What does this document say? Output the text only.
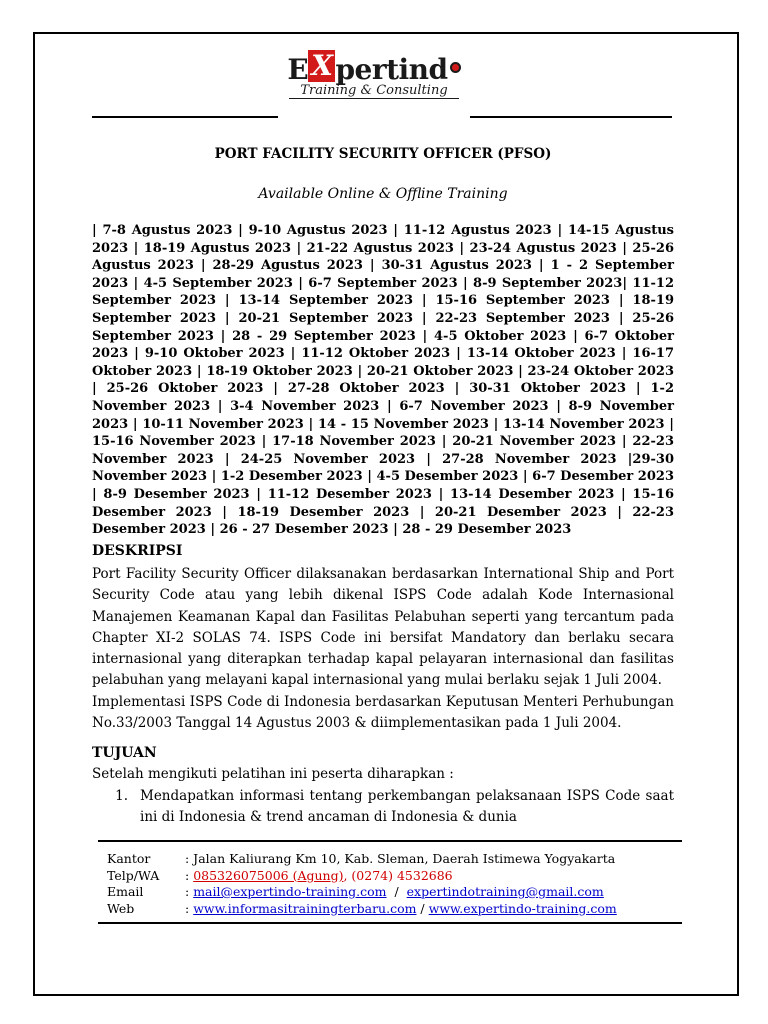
E X pertind
Training & Consulting
PORT FACILITY SECURITY OFFICER (PFSO)
Available Online & Offline Training
| 7-8 Agustus 2023 | 9-10 Agustus 2023 | 11-12 Agustus 2023 | 14-15 Agustus 2023 | 18-19 Agustus 2023 | 21-22 Agustus 2023 | 23-24 Agustus 2023 | 25-26 Agustus 2023 | 28-29 Agustus 2023 | 30-31 Agustus 2023 | 1 - 2 September 2023 | 4-5 September 2023 | 6-7 September 2023 | 8-9 September 2023| 11-12 September 2023 | 13-14 September 2023 | 15-16 September 2023 | 18-19 September 2023 | 20-21 September 2023 | 22-23 September 2023 | 25-26 September 2023 | 28 - 29 September 2023 | 4-5 Oktober 2023 | 6-7 Oktober 2023 | 9-10 Oktober 2023 | 11-12 Oktober 2023 | 13-14 Oktober 2023 | 16-17 Oktober 2023 | 18-19 Oktober 2023 | 20-21 Oktober 2023 | 23-24 Oktober 2023 | 25-26 Oktober 2023 | 27-28 Oktober 2023 | 30-31 Oktober 2023 | 1-2 November 2023 | 3-4 November 2023 | 6-7 November 2023 | 8-9 November 2023 | 10-11 November 2023 | 14 - 15 November 2023 | 13-14 November 2023 | 15-16 November 2023 | 17-18 November 2023 | 20-21 November 2023 | 22-23 November 2023 | 24-25 November 2023 | 27-28 November 2023 |29-30 November 2023 | 1-2 Desember 2023 | 4-5 Desember 2023 | 6-7 Desember 2023 | 8-9 Desember 2023 | 11-12 Desember 2023 | 13-14 Desember 2023 | 15-16 Desember 2023 | 18-19 Desember 2023 | 20-21 Desember 2023 | 22-23 Desember 2023 | 26 - 27 Desember 2023 | 28 - 29 Desember 2023
DESKRIPSI

Port Facility Security Officer dilaksanakan berdasarkan International Ship and Port Security Code atau yang lebih dikenal ISPS Code adalah Kode Internasional Manajemen Keamanan Kapal dan Fasilitas Pelabuhan seperti yang tercantum pada Chapter XI-2 SOLAS 74. ISPS Code ini bersifat Mandatory dan berlaku secara internasional yang diterapkan terhadap kapal pelayaran internasional dan fasilitas pelabuhan yang melayani kapal internasional yang mulai berlaku sejak 1 Juli 2004.

Implementasi ISPS Code di Indonesia berdasarkan Keputusan Menteri Perhubungan No.33/2003 Tanggal 14 Agustus 2003 & diimplementasikan pada 1 Juli 2004.

TUJUAN
Setelah mengikuti pelatihan ini peserta diharapkan :
1. Mendapatkan informasi tentang perkembangan pelaksanaan ISPS Code saat ini di Indonesia & trend ancaman di Indonesia & dunia
Kantor	: Jalan Kaliurang Km 10, Kab. Sleman, Daerah Istimewa Yogyakarta
Telp/WA	: 085326075006 (Agung), (0274) 4532686
Email	: mail@expertindo-training.com  /  expertindotraining@gmail.com
Web	: www.informasitrainingterbaru.com / www.expertindo-training.com
